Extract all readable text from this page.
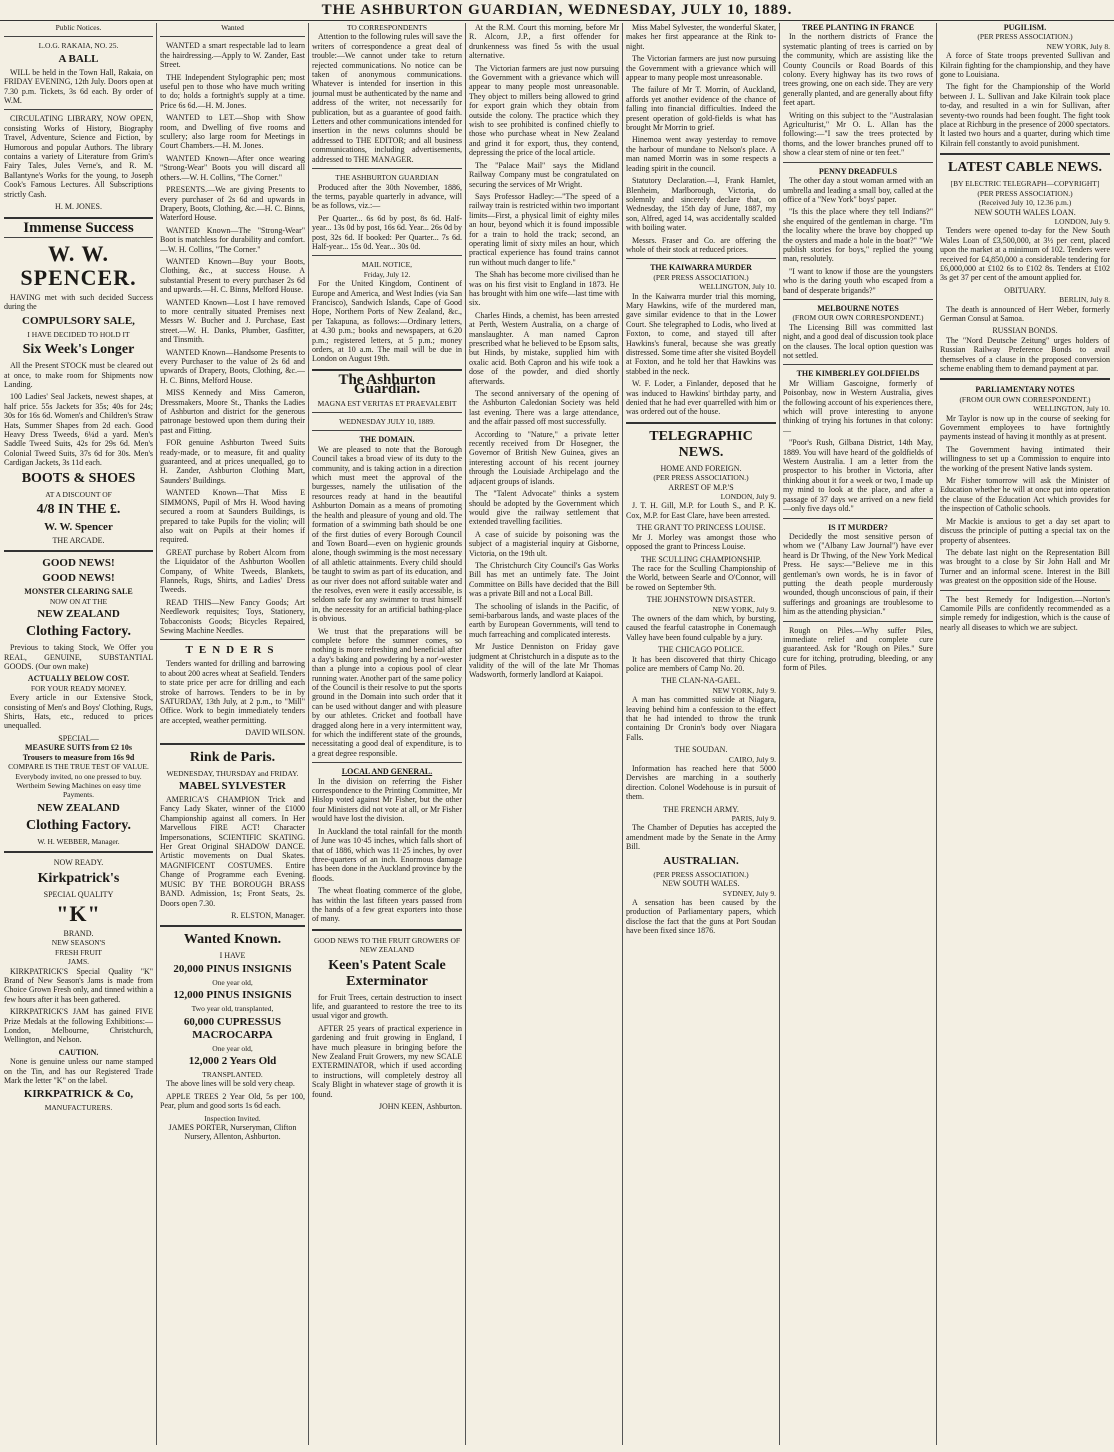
THE ASHBURTON GUARDIAN, WEDNESDAY, JULY 10, 1889.
Public Notices.
L.O.G. RAKAIA, NO. 25.
A BALL

WILL be held in the Town Hall, Rakaia, on FRIDAY EVENING, 12th July. Doors open at 7.30 p.m. Tickets, 3s 6d each. By order of W.M.

CIRCULATING LIBRARY, NOW OPEN, consisting Works of History, Biography Travel, Adventure, Science and Fiction, by Humorous and popular Authors. The library contains a variety of Literature from Grim's Fairy Tales, Jules Verne's, and R. M. Ballantyne's Works for the young, to Joseph Cook's Famous Lectures. All Subscriptions strictly Cash.

H. M. JONES.
Immense Success
W. W. SPENCER.

HAVING met with such decided Success during the

COMPULSORY SALE,
I HAVE DECIDED TO HOLD IT
Six Week's Longer

All the Present STOCK must be cleared out at once, to make room for Shipments now Landing.

100 Ladies' Seal Jackets, newest shapes, at half price. 55s Jackets for 35s; 40s for 24s; 30s for 16s 6d. Women's and Children's Straw Hats, Summer Shapes from 2d each. Good Heavy Dress Tweeds, 6¼d a yard. Men's Saddle Tweed Suits, 42s for 29s 6d. Men's Colonial Tweed Suits, 37s 6d for 30s. Men's Cardigan Jackets, 3s 11d each.

BOOTS & SHOES
AT A DISCOUNT OF
4/8 IN THE £.
W. W. Spencer
THE ARCADE.
GOOD NEWS!
GOOD NEWS!
MONSTER CLEARING SALE
NOW ON AT THE
NEW ZEALAND
Clothing Factory.

Previous to taking Stock, We Offer you REAL, GENUINE, SUBSTANTIAL GOODS. (Our own make)

ACTUALLY BELOW COST.
FOR YOUR READY MONEY.

Every article in our Extensive Stock, consisting of Men's and Boys' Clothing, Rugs, Shirts, Hats, etc., reduced to prices unequalled.

SPECIAL—
MEASURE SUITS from £2 10s
Trousers to measure from 16s 9d
COMPARE IS THE TRUE TEST OF VALUE.
Everybody invited, no one pressed to buy.
Wertheim Sewing Machines on easy time Payments.
NEW ZEALAND
Clothing Factory.
W. H. WEBBER, Manager.
NOW READY.
Kirkpatrick's
SPECIAL QUALITY
"K"
BRAND.
NEW SEASON'S
FRESH FRUIT
JAMS.

KIRKPATRICK'S Special Quality "K" Brand of New Season's Jams is made from Choice Grown Fresh only, and tinned within a few hours after it has been gathered.

KIRKPATRICK'S JAM has gained FIVE Prize Medals at the following Exhibitions:— London, Melbourne, Christchurch, Wellington, and Nelson.

CAUTION.

None is genuine unless our name stamped on the Tin, and has our Registered Trade Mark the letter "K" on the label.

KIRKPATRICK & Co,
MANUFACTURERS.
Wanted

WANTED a smart respectable lad to learn the hairdressing.—Apply to W. Zander, East Street.

THE Independent Stylographic pen; most useful pen to those who have much writing to do; holds a fortnight's supply at a time. Price 6s 6d.—H. M. Jones.

WANTED to LET.—Shop with Show room, and Dwelling of five rooms and scullery; also large room for Meetings in Court Chambers.—H. M. Jones.

WANTED Known—After once wearing "Strong-Wear" Boots you will discard all others.—W. H. Collins, "The Corner."

PRESENTS.—We are giving Presents to every purchaser of 2s 6d and upwards in Drapery, Boots, Clothing, &c.—H. C. Binns, Waterford House.

WANTED Known—The "Strong-Wear" Boot is matchless for durability and comfort.—W. H. Collins, "The Corner."

WANTED Known—Buy your Boots, Clothing, &c., at success House. A substantial Present to every purchaser 2s 6d and upwards.—H. C. Binns, Melford House.

WANTED Known—Lost I have removed to more centrally situated Premises next Messrs W. Bucher and J. Purchase, East street.—W. H. Danks, Plumber, Gasfitter, and Tinsmith.

WANTED Known—Handsome Presents to every Purchaser to the value of 2s 6d and upwards of Drapery, Boots, Clothing, &c.—H. C. Binns, Melford House.

MISS Kennedy and Miss Cameron, Dressmakers, Moore St., Thanks the Ladies of Ashburton and district for the generous patronage bestowed upon them during their past and Fitting.

FOR genuine Ashburton Tweed Suits ready-made, or to measure, fit and quality guaranteed, and at prices unequalled, go to H. Zander, Ashburton Clothing Mart, Saunders' Buildings.

WANTED Known—That Miss E SIMMONS, Pupil of Mrs H. Wood having secured a room at Saunders Buildings, is prepared to take Pupils for the violin; will also wait on Pupils at their homes if required.

GREAT purchase by Robert Alcorn from the Liquidator of the Ashburton Woollen Company, of White Tweeds, Blankets, Flannels, Rugs, Shirts, and Ladies' Dress Tweeds.

READ THIS—New Fancy Goods; Art Needlework requisites; Toys, Stationery, Tobacconists Goods; Bicycles Repaired, Sewing Machine Needles.

TENDERS

Tenders wanted for drilling and barrowing to about 200 acres wheat at Seafield. Tenders to state price per acre for drilling and each stroke of harrows. Tenders to be in by SATURDAY, 13th July, at 2 p.m., to "Mill" Office. Work to begin immediately tenders are accepted, weather permitting.

DAVID WILSON.
Rink de Paris.
WEDNESDAY, THURSDAY and FRIDAY.
MABEL SYLVESTER

AMERICA'S CHAMPION Trick and Fancy Lady Skater, winner of the £1000 Championship against all comers. In Her Marvellous FIRE ACT! Character Impersonations, SCIENTIFIC SKATING. Her Great Original SHADOW DANCE. Artistic movements on Dual Skates. MAGNIFICENT COSTUMES. Entire Change of Programme each Evening. MUSIC BY THE BOROUGH BRASS BAND. Admission, 1s; Front Seats, 2s. Doors open 7.30.

R. ELSTON, Manager.
Wanted Known.
I HAVE
20,000 PINUS INSIGNIS
One year old,
12,000 PINUS INSIGNIS
Two year old, transplanted,
60,000 CUPRESSUS MACROCARPA
One year old,
12,000 2 Years Old
TRANSPLANTED.

The above lines will be sold very cheap.

APPLE TREES 2 Year Old, 5s per 100, Pear, plum and good sorts 1s 6d each.

Inspection Invited.
JAMES PORTER, Nurseryman, Clifton Nursery, Allenton, Ashburton.
TO CORRESPONDENTS

Attention to the following rules will save the writers of correspondence a great deal of trouble:—We cannot under take to return rejected communications. No notice can be taken of anonymous communications. Whatever is intended for insertion in this journal must be authenticated by the name and address of the writer, not necessarily for publication, but as a guarantee of good faith. Letters and other communications intended for insertion in the news columns should be addressed to THE EDITOR; and all business communications, including advertisements, addressed to THE MANAGER.

THE ASHBURTON GUARDIAN

Produced after the 30th November, 1886, the terms, payable quarterly in advance, will be as follows, viz.:—

Per Quarter... 6s 6d by post, 8s 6d. Half-year... 13s 0d by post, 16s 6d. Year... 26s 0d by post, 32s 6d. If booked: Per Quarter... 7s 6d. Half-year... 15s 0d. Year... 30s 0d.

MAIL NOTICE,
Friday, July 12.

For the United Kingdom, Continent of Europe and America, and West Indies (via San Francisco), Sandwich Islands, Cape of Good Hope, Northern Ports of New Zealand, &c., per Takapuna, as follows:—Ordinary letters, at 4.30 p.m.; books and newspapers, at 6.20 p.m.; registered letters, at 5 p.m.; money orders, at 10 a.m. The mail will be due in London on August 19th.

The Ashburton Guardian.
MAGNA EST VERITAS ET PRAEVALEBIT
WEDNESDAY JULY 10, 1889.
THE DOMAIN.

We are pleased to note that the Borough Council takes a broad view of its duty to the community, and is taking action in a direction which must meet the approval of the burgesses, namely the utilisation of the resources ready at hand in the beautiful Ashburton Domain as a means of promoting the health and pleasure of young and old. The formation of a swimming bath should be one of the first duties of every Borough Council and Town Board—even on hygienic grounds alone, though swimming is the most necessary of all athletic attainments. Every child should be taught to swim as part of its education, and as our river does not afford suitable water and the resolves, even were it easily accessible, is seldom safe for any swimmer to trust himself in, the necessity for an artificial bathing-place is obvious.

We trust that the preparations will be complete before the summer comes, so nothing is more refreshing and beneficial after a day's baking and powdering by a nor'-wester than a plunge into a copious pool of clear running water. Another part of the same policy of the Council is their resolve to put the sports ground in the Domain into such order that it can be used without danger and with pleasure by our athletes. Cricket and football have dragged along here in a very intermittent way, for which the indifferent state of the grounds, necessitating a good deal of expenditure, is to a great degree responsible.

LOCAL AND GENERAL.

In the division on referring the Fisher correspondence to the Printing Committee, Mr Hislop voted against Mr Fisher, but the other four Ministers did not vote at all, or Mr Fisher would have lost the division.

In Auckland the total rainfall for the month of June was 10·45 inches, which falls short of that of 1886, which was 11·25 inches, by over three-quarters of an inch. Enormous damage has been done in the Auckland province by the floods.

The wheat floating commerce of the globe, has within the last fifteen years passed from the hands of a few great exporters into those of many.

GOOD NEWS TO THE FRUIT GROWERS OF NEW ZEALAND
Keen's Patent Scale Exterminator

for Fruit Trees, certain destruction to insect life, and guaranteed to restore the tree to its usual vigor and growth.

AFTER 25 years of practical experience in gardening and fruit growing in England, I have much pleasure in bringing before the New Zealand Fruit Growers, my new SCALE EXTERMINATOR, which if used according to instructions, will completely destroy all Scaly Blight in whatever stage of growth it is found.

JOHN KEEN, Ashburton.

At the R.M. Court this morning, before Mr R. Alcorn, J.P., a first offender for drunkenness was fined 5s with the usual alternative.

The Victorian farmers are just now pursuing the Government with a grievance which will appear to many people most unreasonable. They object to millers being allowed to grind for export grain which they obtain from outside the colony. The practice which they wish to see prohibited is confined chiefly to those who purchase wheat in New Zealand and grind it for export, thus, they contend, depressing the price of the local article.

The "Palace Mail" says the Midland Railway Company must be congratulated on securing the services of Mr Wright.

Says Professor Hadley:—"The speed of a railway train is restricted within two important limits—First, a physical limit of eighty miles an hour, beyond which it is found impossible for a train to hold the track; second, an operating limit of sixty miles an hour, which practical experience has found trains cannot run without much danger to life."

The Shah has become more civilised than he was on his first visit to England in 1873. He has brought with him one wife—last time with six.

Charles Hinds, a chemist, has been arrested at Perth, Western Australia, on a charge of manslaughter. A man named Capron prescribed what he believed to be Epsom salts, but Hinds, by mistake, supplied him with oxalic acid. Both Capron and his wife took a dose of the powder, and died shortly afterwards.

The second anniversary of the opening of the Ashburton Caledonian Society was held last evening. There was a large attendance, and the affair passed off most successfully.

According to "Nature," a private letter recently received from Dr Hosegner, the Governor of British New Guinea, gives an interesting account of his recent journey through the Louisiade Archipelago and the adjacent groups of islands.

The "Talent Advocate" thinks a system should be adopted by the Government which would give the railway settlement that extended travelling facilities.

A case of suicide by poisoning was the subject of a magisterial inquiry at Gisborne, Victoria, on the 19th ult.

The Christchurch City Council's Gas Works Bill has met an untimely fate. The Joint Committee on Bills have decided that the Bill was a private Bill and not a Local Bill.

The schooling of islands in the Pacific, of semi-barbarous lands, and waste places of the earth by European Governments, will tend to much farreaching and complicated interests.

Mr Justice Denniston on Friday gave judgment at Christchurch in a dispute as to the validity of the will of the late Mr Thomas Wadsworth, formerly landlord at Kaiapoi.

Miss Mabel Sylvester, the wonderful Skater, makes her first appearance at the Rink to-night.

The Victorian farmers are just now pursuing the Government with a grievance which will appear to many people most unreasonable.

The failure of Mr T. Morrin, of Auckland, affords yet another evidence of the chance of falling into financial difficulties. Indeed the present operation of gold-fields is what has brought Mr Morrin to grief.

Hinemoa went away yesterday to remove the harbour of mundane to Nelson's place. A man named Morrin was in some respects a leading spirit in the council.

Statutory Declaration.—I, Frank Hamlet, Blenheim, Marlborough, Victoria, do solemnly and sincerely declare that, on Wednesday, the 15th day of June, 1887, my son, Alfred, aged 14, was accidentally scalded with boiling water.

Messrs. Fraser and Co. are offering the whole of their stock at reduced prices.

THE KAIWARRA MURDER
(PER PRESS ASSOCIATION.)
WELLINGTON, July 10.

In the Kaiwarra murder trial this morning, Mary Hawkins, wife of the murdered man, gave similar evidence to that in the Lower Court. She telegraphed to Lodis, who lived at Foxton, to come, and stayed till after Hawkins's funeral, because she was greatly distressed. Some time after she visited Boydell at Foxton, and he told her that Hawkins was stabbed in the neck.

W. F. Loder, a Finlander, deposed that he was induced to Hawkins' birthday party, and denied that he had ever quarrelled with him or was ordered out of the house.

TELEGRAPHIC NEWS.
HOME AND FOREIGN.
(PER PRESS ASSOCIATION.)
ARREST OF M.P.'S
LONDON, July 9.

J. T. H. Gill, M.P. for Louth S., and P. K. Cox, M.P. for East Clare, have been arrested.

THE GRANT TO PRINCESS LOUISE.

Mr J. Morley was amongst those who opposed the grant to Princess Louise.

THE SCULLING CHAMPIONSHIP.

The race for the Sculling Championship of the World, between Searle and O'Connor, will be rowed on September 9th.

THE JOHNSTOWN DISASTER.
NEW YORK, July 9.

The owners of the dam which, by bursting, caused the fearful catastrophe in Conemaugh Valley have been found culpable by a jury.

THE CHICAGO POLICE.

It has been discovered that thirty Chicago police are members of Camp No. 20.

THE CLAN-NA-GAEL.
NEW YORK, July 9.

A man has committed suicide at Niagara, leaving behind him a confession to the effect that he had intended to throw the trunk containing Dr Cronin's body over Niagara Falls.

THE SOUDAN.
CAIRO, July 9.

Information has reached here that 5000 Dervishes are marching in a southerly direction. Colonel Wodehouse is in pursuit of them.

THE FRENCH ARMY.
PARIS, July 9.

The Chamber of Deputies has accepted the amendment made by the Senate in the Army Bill.

AUSTRALIAN.
(PER PRESS ASSOCIATION.)
NEW SOUTH WALES.
SYDNEY, July 9.

A sensation has been caused by the production of Parliamentary papers, which disclose the fact that the guns at Port Soudan have been fixed since 1876.

TREE PLANTING IN FRANCE

In the northern districts of France the systematic planting of trees is carried on by the community, which are assisting like the County Councils or Road Boards of this colony. Every highway has its two rows of trees growing, one on each side. They are very generally planted, and are generally about fifty feet apart.

Writing on this subject to the "Australasian Agriculturist," Mr O. L. Allan has the following:—"I saw the trees protected by thorns, and the lower branches pruned off to show a clear stem of nine or ten feet."

PENNY DREADFULS

The other day a stout woman armed with an umbrella and leading a small boy, called at the office of a "New York" boys' paper.

"Is this the place where they tell Indians?" she enquired of the gentleman in charge. "I'm the locality where the brave boy chopped up the oysters and made a hole in the boat?" "We publish stories for boys," replied the young man, resolutely.

"I want to know if those are the youngsters who is the daring youth who escaped from a band of desperate brigands?"

MELBOURNE NOTES
(FROM OUR OWN CORRESPONDENT.)

The Licensing Bill was committed last night, and a good deal of discussion took place on the clauses. The local option question was not settled.

THE KIMBERLEY GOLDFIELDS

Mr William Gascoigne, formerly of Poisonbay, now in Western Australia, gives the following account of his experiences there, which will prove interesting to anyone thinking of trying his fortunes in that colony:—

"Poor's Rush, Gilbana District, 14th May, 1889. You will have heard of the goldfields of Western Australia. I am a letter from the prospector to his brother in Victoria, after thinking about it for a week or two, I made up my mind to look at the place, and after a passage of 37 days we arrived on a new field—only five days old."

IS IT MURDER?

Decidedly the most sensitive person of whom we ("Albany Law Journal") have ever heard is Dr Thwing, of the New York Medical Press. He says:—"Believe me in this gentleman's own words, he is in favor of putting the death people murderously wounded, though unconscious of pain, if their sufferings and groanings are troublesome to him as the attending physician."

Rough on Piles.—Why suffer Piles, immediate relief and complete cure guaranteed. Ask for "Rough on Piles." Sure cure for itching, protruding, bleeding, or any form of Piles.

PUGILISM.
(PER PRESS ASSOCIATION.)
NEW YORK, July 8.

A force of State troops prevented Sullivan and Kilrain fighting for the championship, and they have gone to Louisiana.

The fight for the Championship of the World between J. L. Sullivan and Jake Kilrain took place to-day, and resulted in a win for Sullivan, after seventy-two rounds had been fought. The fight took place at Richburg in the presence of 2000 spectators. It lasted two hours and a quarter, during which time Kilrain fell constantly to avoid punishment.

LATEST CABLE NEWS.
[BY ELECTRIC TELEGRAPH—COPYRIGHT]
(PER PRESS ASSOCIATION.)
(Received July 10, 12.36 p.m.)
NEW SOUTH WALES LOAN.
LONDON, July 9.

Tenders were opened to-day for the New South Wales Loan of £3,500,000, at 3½ per cent, placed upon the market at a minimum of 102. Tenders were received for £4,850,000 a considerable tendering for £6,000,000 at £102 6s to £102 8s. Tenders at £102 3s get 37 per cent of the amount applied for.

OBITUARY.
BERLIN, July 8.

The death is announced of Herr Weber, formerly German Consul at Samoa.

RUSSIAN BONDS.

The "Nord Deutsche Zeitung" urges holders of Russian Railway Preference Bonds to avail themselves of a clause in the proposed conversion scheme enabling them to demand payment at par.

PARLIAMENTARY NOTES
(FROM OUR OWN CORRESPONDENT.)
WELLINGTON, July 10.

Mr Taylor is now up in the course of seeking for Government employees to have fortnightly payments instead of having it monthly as at present.

The Government having intimated their willingness to set up a Commission to enquire into the working of the present Native lands system.

Mr Fisher tomorrow will ask the Minister of Education whether he will at once put into operation the clause of the Education Act which provides for the inspection of Catholic schools.

Mr Mackie is anxious to get a day set apart to discuss the principle of putting a special tax on the property of absentees.

The debate last night on the Representation Bill was brought to a close by Sir John Hall and Mr Turner and an informal scene. Interest in the Bill was greatest on the opposition side of the House.

The best Remedy for Indigestion.—Norton's Camomile Pills are confidently recommended as a simple remedy for indigestion, which is the cause of nearly all diseases to which we are subject.
